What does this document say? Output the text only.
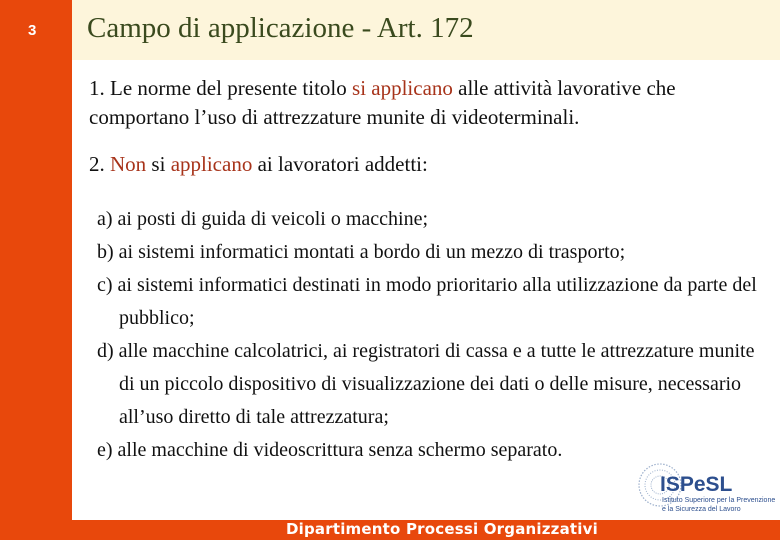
3 Campo di applicazione - Art. 172
1. Le norme del presente titolo si applicano alle attività lavorative che comportano l’uso di attrezzature munite di videoterminali.
2. Non si applicano ai lavoratori addetti:
a) ai posti di guida di veicoli o macchine;
b) ai sistemi informatici montati a bordo di un mezzo di trasporto;
c) ai sistemi informatici destinati in modo prioritario alla utilizzazione da parte del pubblico;
d) alle macchine calcolatrici, ai registratori di cassa e a tutte le attrezzature munite di un piccolo dispositivo di visualizzazione dei dati o delle misure, necessario all’uso diretto di tale attrezzatura;
e) alle macchine di videoscrittura senza schermo separato.
ISPeSL
Istituto Superiore per la Prevenzione
e la Sicurezza del Lavoro
Dipartimento Processi Organizzativi
